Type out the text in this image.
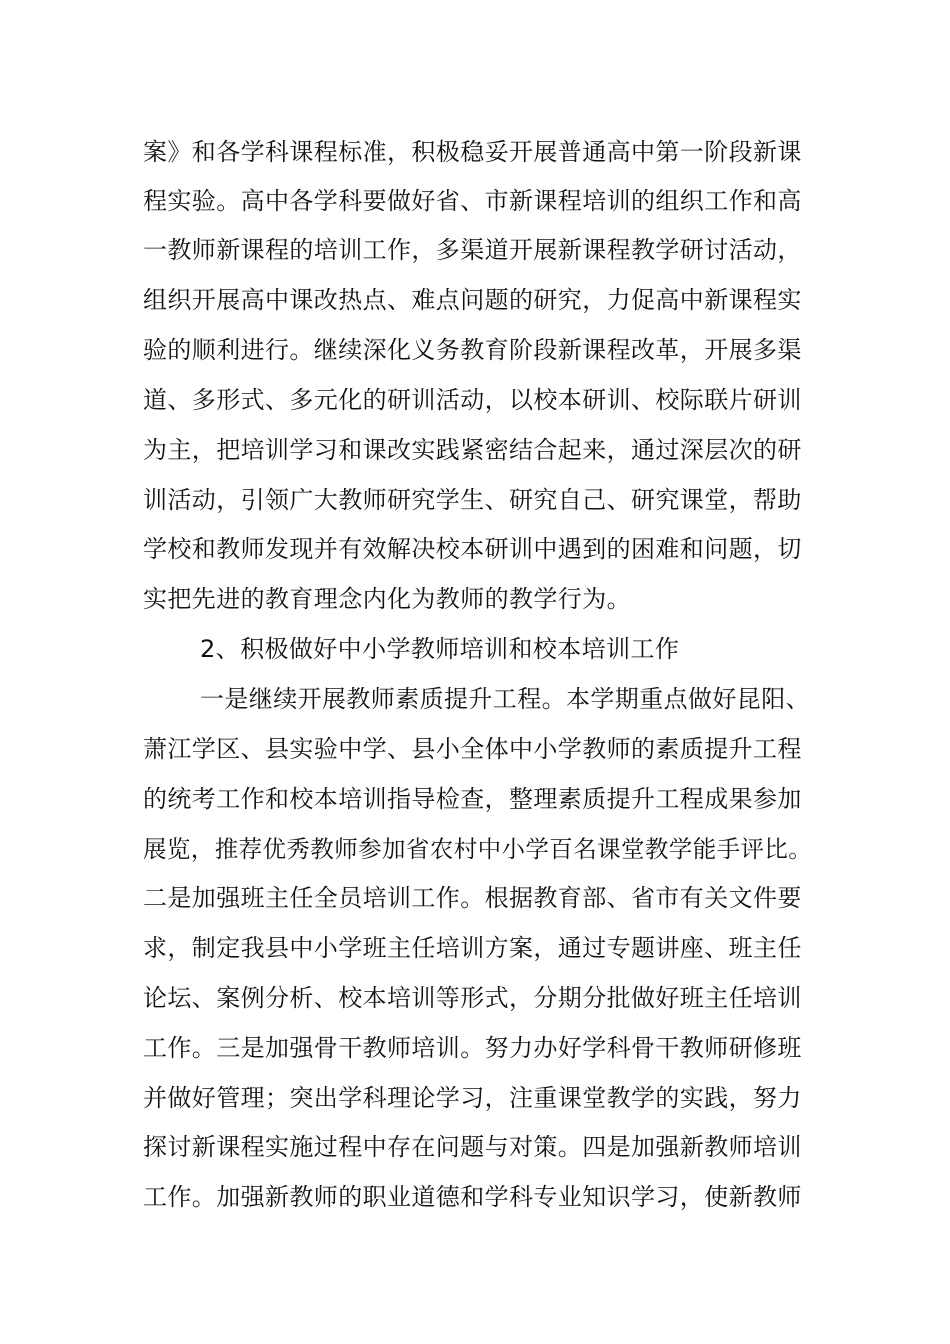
案》和各学科课程标准，积极稳妥开展普通高中第一阶段新课
程实验。高中各学科要做好省、市新课程培训的组织工作和高
一教师新课程的培训工作，多渠道开展新课程教学研讨活动，
组织开展高中课改热点、难点问题的研究，力促高中新课程实
验的顺利进行。继续深化义务教育阶段新课程改革，开展多渠
道、多形式、多元化的研训活动，以校本研训、校际联片研训
为主，把培训学习和课改实践紧密结合起来，通过深层次的研
训活动，引领广大教师研究学生、研究自己、研究课堂，帮助
学校和教师发现并有效解决校本研训中遇到的困难和问题，切
实把先进的教育理念内化为教师的教学行为。
2、积极做好中小学教师培训和校本培训工作
一是继续开展教师素质提升工程。本学期重点做好昆阳、
萧江学区、县实验中学、县小全体中小学教师的素质提升工程
的统考工作和校本培训指导检查，整理素质提升工程成果参加
展览，推荐优秀教师参加省农村中小学百名课堂教学能手评比。
二是加强班主任全员培训工作。根据教育部、省市有关文件要
求，制定我县中小学班主任培训方案，通过专题讲座、班主任
论坛、案例分析、校本培训等形式，分期分批做好班主任培训
工作。三是加强骨干教师培训。努力办好学科骨干教师研修班
并做好管理；突出学科理论学习，注重课堂教学的实践，努力
探讨新课程实施过程中存在问题与对策。四是加强新教师培训
工作。加强新教师的职业道德和学科专业知识学习，使新教师
